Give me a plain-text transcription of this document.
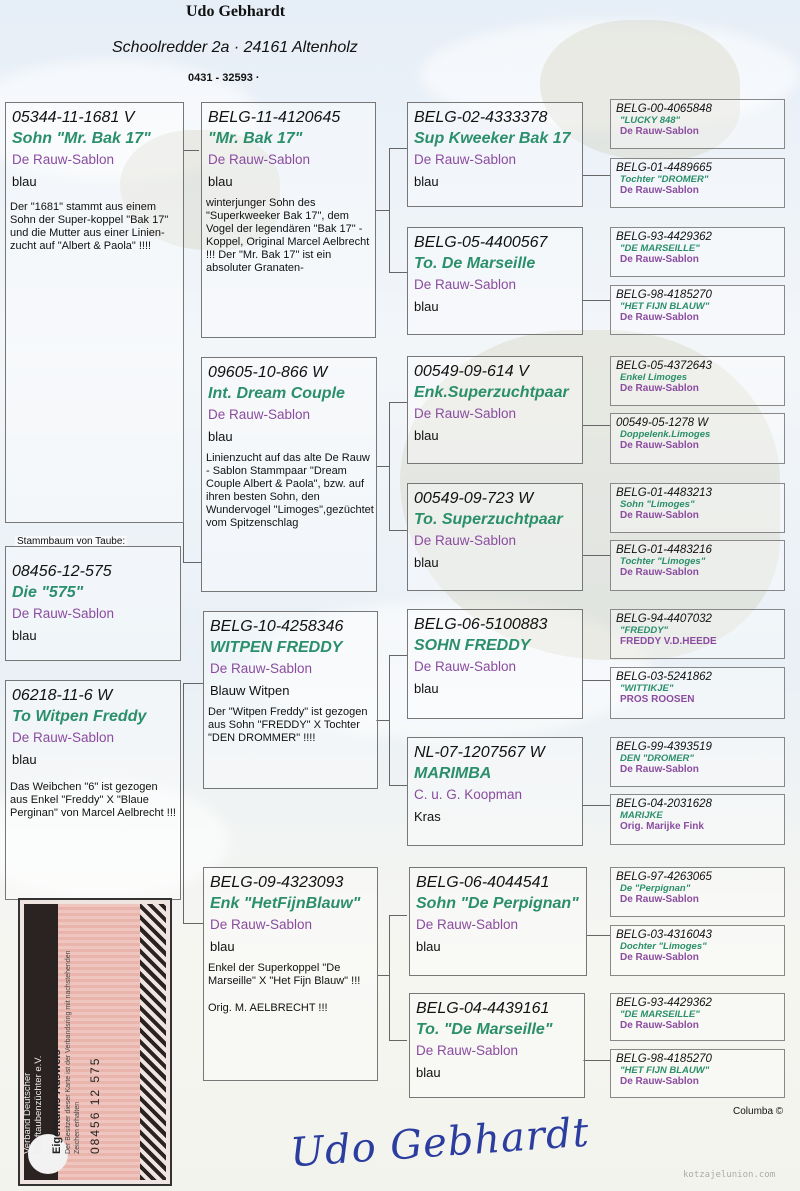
Udo Gebhardt
Schoolredder 2a · 24161 Altenholz
0431 - 32593 ·
05344-11-1681 V
Sohn "Mr. Bak 17"
De Rauw-Sablon
blau
Der "1681" stammt aus einem Sohn der Super-koppel "Bak 17" und die Mutter aus einer Linien-zucht auf "Albert & Paola" !!!!
Stammbaum von Taube:
08456-12-575
Die "575"
De Rauw-Sablon
blau
06218-11-6 W
To Witpen Freddy
De Rauw-Sablon
blau
Das Weibchen "6" ist gezogen aus Enkel "Freddy" X "Blaue Perginan" von Marcel Aelbrecht !!!
BELG-11-4120645
"Mr. Bak 17"
De Rauw-Sablon
blau
winterjunger Sohn des "Superkweeker Bak 17", dem Vogel der legendären "Bak 17" - Koppel, Original Marcel Aelbrecht !!! Der "Mr. Bak 17" ist ein absoluter Granaten-
09605-10-866 W
Int. Dream Couple
De Rauw-Sablon
blau
Linienzucht auf das alte De Rauw - Sablon Stammpaar "Dream Couple Albert & Paola", bzw. auf ihren besten Sohn, den Wundervogel "Limoges",gezüchtet vom Spitzenschlag
BELG-10-4258346
WITPEN FREDDY
De Rauw-Sablon
Blauw Witpen
Der "Witpen Freddy" ist gezogen aus Sohn "FREDDY" X Tochter "DEN DROMMER" !!!!
BELG-09-4323093
Enk "HetFijnBlauw"
De Rauw-Sablon
blau
Enkel der Superkoppel "De Marseille" X "Het Fijn Blauw" !!!
Orig. M. AELBRECHT !!!
BELG-02-4333378
Sup Kweeker Bak 17
De Rauw-Sablon
blau
BELG-05-4400567
To. De Marseille
De Rauw-Sablon
blau
00549-09-614 V
Enk.Superzuchtpaar
De Rauw-Sablon
blau
00549-09-723 W
To. Superzuchtpaar
De Rauw-Sablon
blau
BELG-06-5100883
SOHN FREDDY
De Rauw-Sablon
blau
NL-07-1207567 W
MARIMBA
C. u. G. Koopman
Kras
BELG-06-4044541
Sohn "De Perpignan"
De Rauw-Sablon
blau
BELG-04-4439161
To. "De Marseille"
De Rauw-Sablon
blau
BELG-00-4065848
"LUCKY 848"
De Rauw-Sablon
BELG-01-4489665
Tochter "DROMER"
De Rauw-Sablon
BELG-93-4429362
"DE MARSEILLE"
De Rauw-Sablon
BELG-98-4185270
"HET FIJN BLAUW"
De Rauw-Sablon
BELG-05-4372643
Enkel Limoges
De Rauw-Sablon
00549-05-1278 W
Doppelenk.Limoges
De Rauw-Sablon
BELG-01-4483213
Sohn "Limoges"
De Rauw-Sablon
BELG-01-4483216
Tochter "Limoges"
De Rauw-Sablon
BELG-94-4407032
"FREDDY"
FREDDY V.D.HEEDE
BELG-03-5241862
"WITTIKJE"
PROS ROOSEN
BELG-99-4393519
DEN "DROMER"
De Rauw-Sablon
BELG-04-2031628
MARIJKE
Orig. Marijke Fink
BELG-97-4263065
De "Perpignan"
De Rauw-Sablon
BELG-03-4316043
Dochter "Limoges"
De Rauw-Sablon
BELG-93-4429362
"DE MARSEILLE"
De Rauw-Sablon
BELG-98-4185270
"HET FIJN BLAUW"
De Rauw-Sablon
Verband Deutscher Brieftaubenzüchter e.V. Eigentums-Ausweis Der Besitzer dieser Karte ist der Verbandsring mit nachstehenden Zeichen erhalten 08456 12 575	Udo Gebhardt	Columba ©
kotzajelunion.com
